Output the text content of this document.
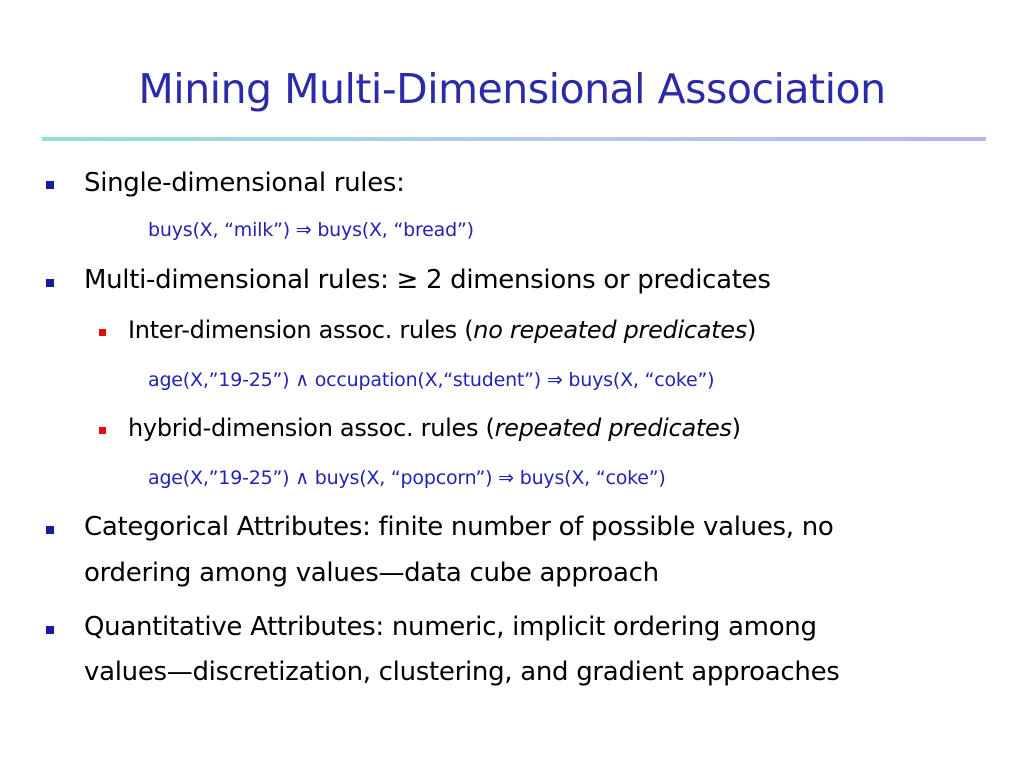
Mining Multi-Dimensional Association
Single-dimensional rules:
buys(X, “milk”) ⇒ buys(X, “bread”)
Multi-dimensional rules: ≥ 2 dimensions or predicates
Inter-dimension assoc. rules (no repeated predicates)
age(X,”19-25”) ∧ occupation(X,“student”) ⇒ buys(X, “coke”)
hybrid-dimension assoc. rules (repeated predicates)
age(X,”19-25”) ∧ buys(X, “popcorn”) ⇒ buys(X, “coke”)
Categorical Attributes: finite number of possible values, no
ordering among values—data cube approach
Quantitative Attributes: numeric, implicit ordering among
values—discretization, clustering, and gradient approaches
